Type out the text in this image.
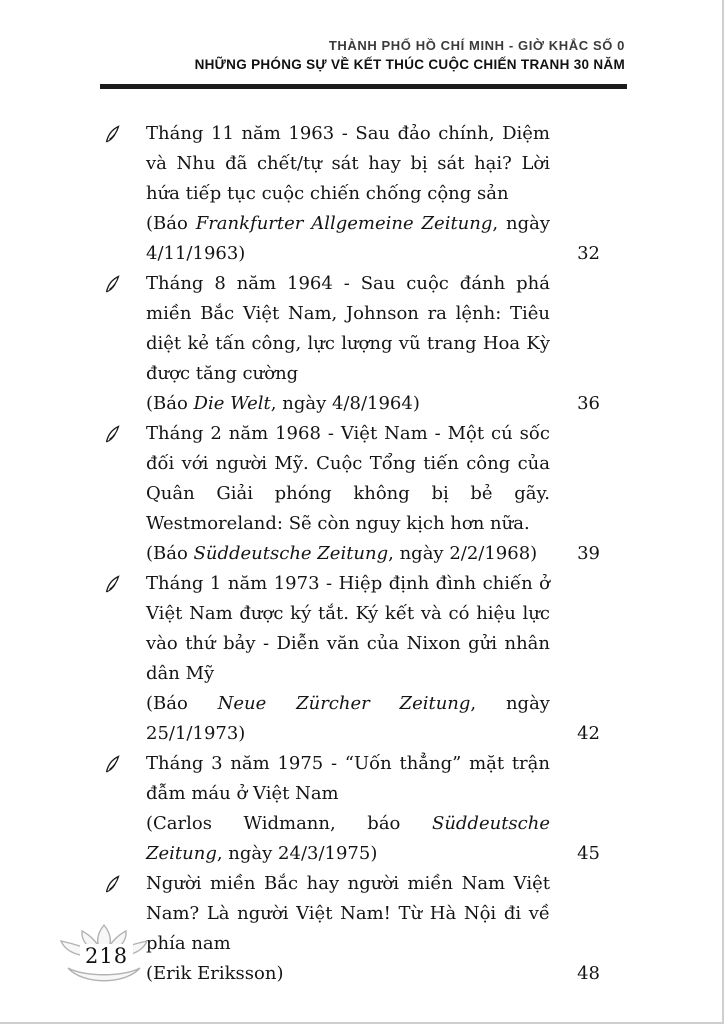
THÀNH PHỐ HỒ CHÍ MINH - GIỜ KHẮC SỐ 0
NHỮNG PHÓNG SỰ VỀ KẾT THÚC CUỘC CHIẾN TRANH 30 NĂM
Tháng 11 năm 1963 - Sau đảo chính, Diệm và Nhu đã chết/tự sát hay bị sát hại? Lời hứa tiếp tục cuộc chiến chống cộng sản
(Báo Frankfurter Allgemeine Zeitung, ngày 4/11/1963)	32
Tháng 8 năm 1964 - Sau cuộc đánh phá miền Bắc Việt Nam, Johnson ra lệnh: Tiêu diệt kẻ tấn công, lực lượng vũ trang Hoa Kỳ được tăng cường
(Báo Die Welt, ngày 4/8/1964)	36
Tháng 2 năm 1968 - Việt Nam - Một cú sốc đối với người Mỹ. Cuộc Tổng tiến công của Quân Giải phóng không bị bẻ gãy. Westmoreland: Sẽ còn nguy kịch hơn nữa.
(Báo Süddeutsche Zeitung, ngày 2/2/1968)	39
Tháng 1 năm 1973 - Hiệp định đình chiến ở Việt Nam được ký tắt. Ký kết và có hiệu lực vào thứ bảy - Diễn văn của Nixon gửi nhân dân Mỹ
(Báo Neue Zürcher Zeitung, ngày 25/1/1973)	42
Tháng 3 năm 1975 - “Uốn thẳng” mặt trận đẫm máu ở Việt Nam
(Carlos Widmann, báo Süddeutsche Zeitung, ngày 24/3/1975)	45
Người miền Bắc hay người miền Nam Việt Nam? Là người Việt Nam! Từ Hà Nội đi về phía nam
(Erik Eriksson)	48
218
